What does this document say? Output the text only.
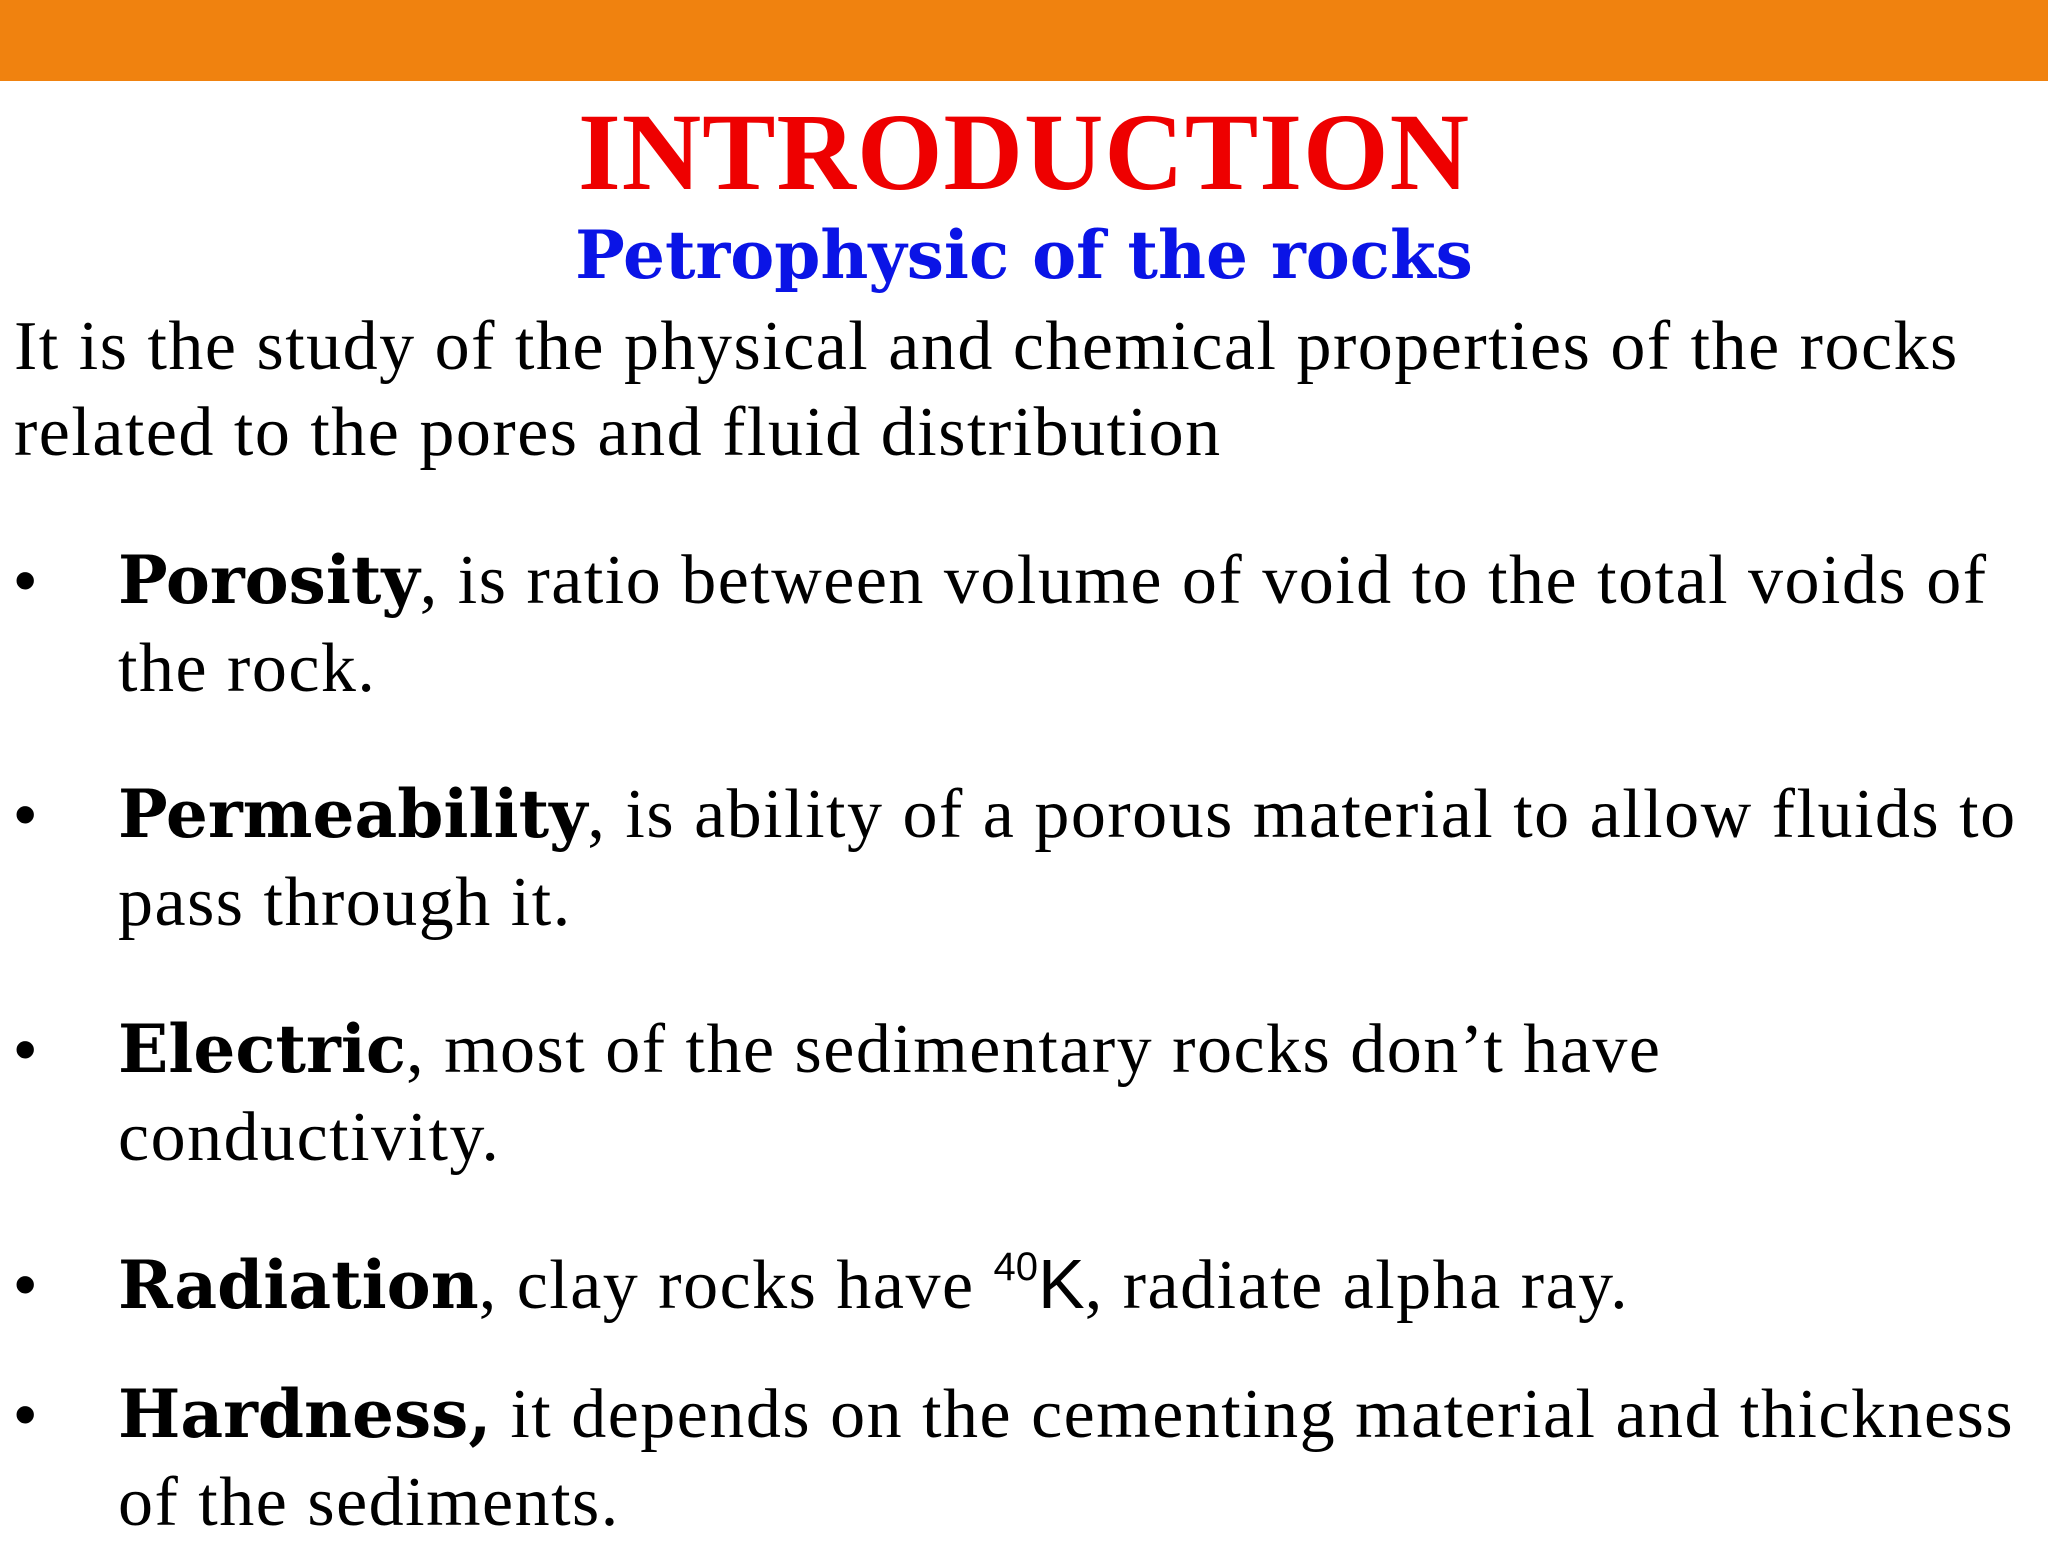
INTRODUCTION
Petrophysic of the rocks

It is the study of the physical and chemical properties of the rocks related to the pores and fluid distribution

• Porosity, is ratio between volume of void to the total voids of the rock.
• Permeability, is ability of a porous material to allow fluids to pass through it.
• Electric, most of the sedimentary rocks don’t have conductivity.
• Radiation, clay rocks have $^{40}$K, radiate alpha ray.
• Hardness, it depends on the cementing material and thickness of the sediments.
